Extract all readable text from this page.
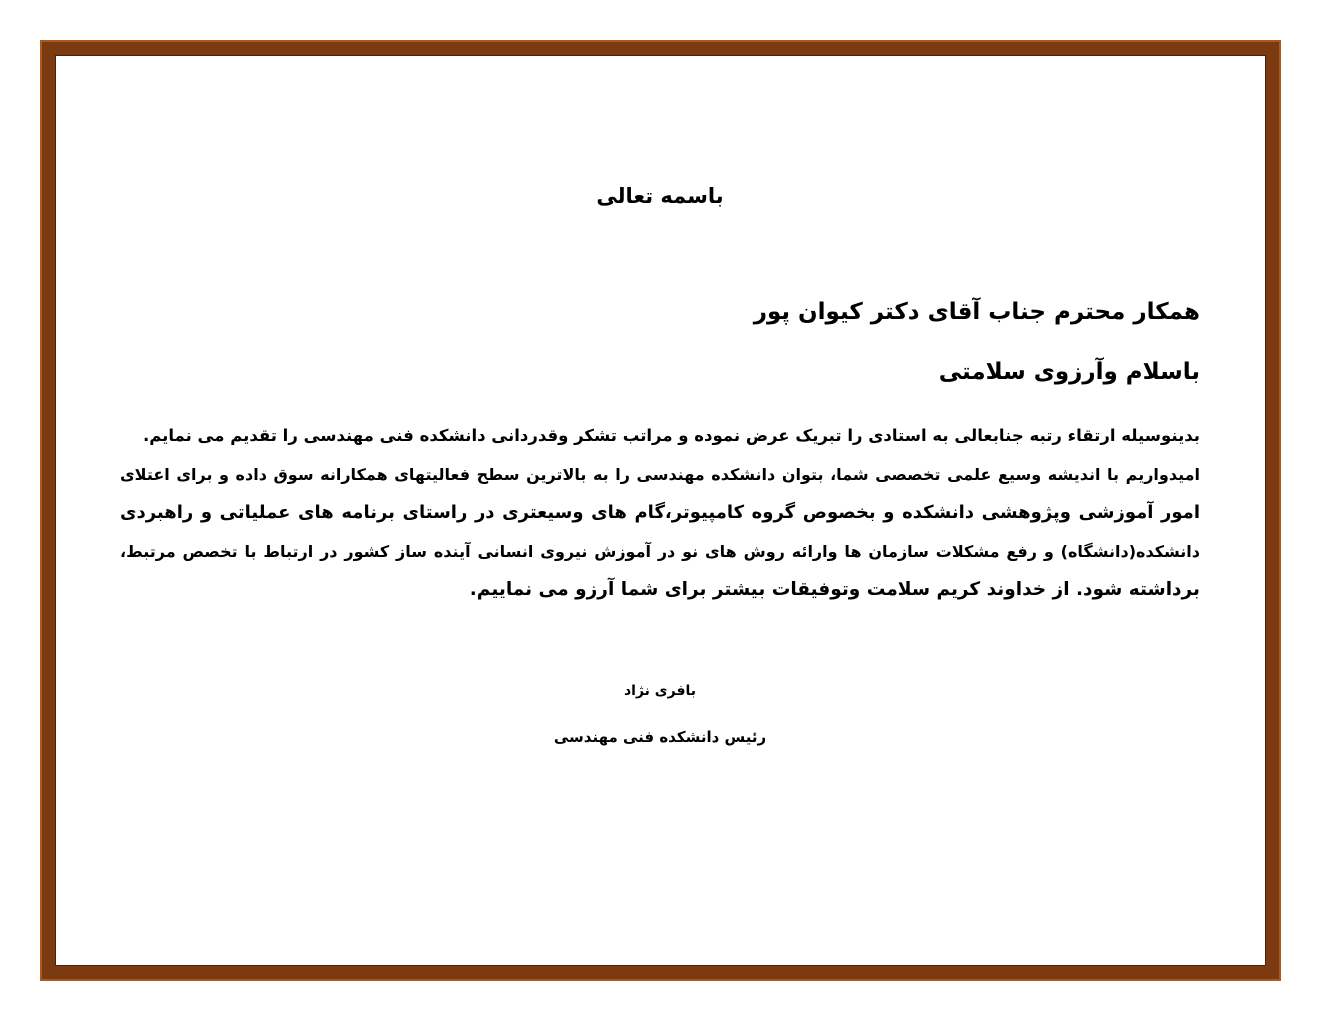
باسمه تعالی

همکار محترم جناب آقای دکتر کیوان پور

باسلام وآرزوی سلامتی

بدینوسیله ارتقاء رتبه جنابعالی به استادی را تبریک عرض نموده و مراتب تشکر وقدردانی دانشکده فنی مهندسی را تقدیم می نمایم.
امیدواریم با اندیشه وسیع علمی تخصصی شما، بتوان دانشکده مهندسی را به بالاترین سطح فعالیتهای همکارانه سوق داده و برای اعتلای
امور آموزشی وپژوهشی دانشکده و بخصوص گروه کامپیوتر،گام های وسیعتری در راستای برنامه های عملیاتی و راهبردی
دانشکده(دانشگاه) و رفع مشکلات سازمان ها وارائه روش های نو در آموزش نیروی انسانی آینده ساز کشور در ارتباط با تخصص مرتبط،
برداشته شود. از خداوند کریم سلامت وتوفیقات بیشتر برای شما آرزو می نماییم.

بافری نژاد

رئیس دانشکده فنی مهندسی
